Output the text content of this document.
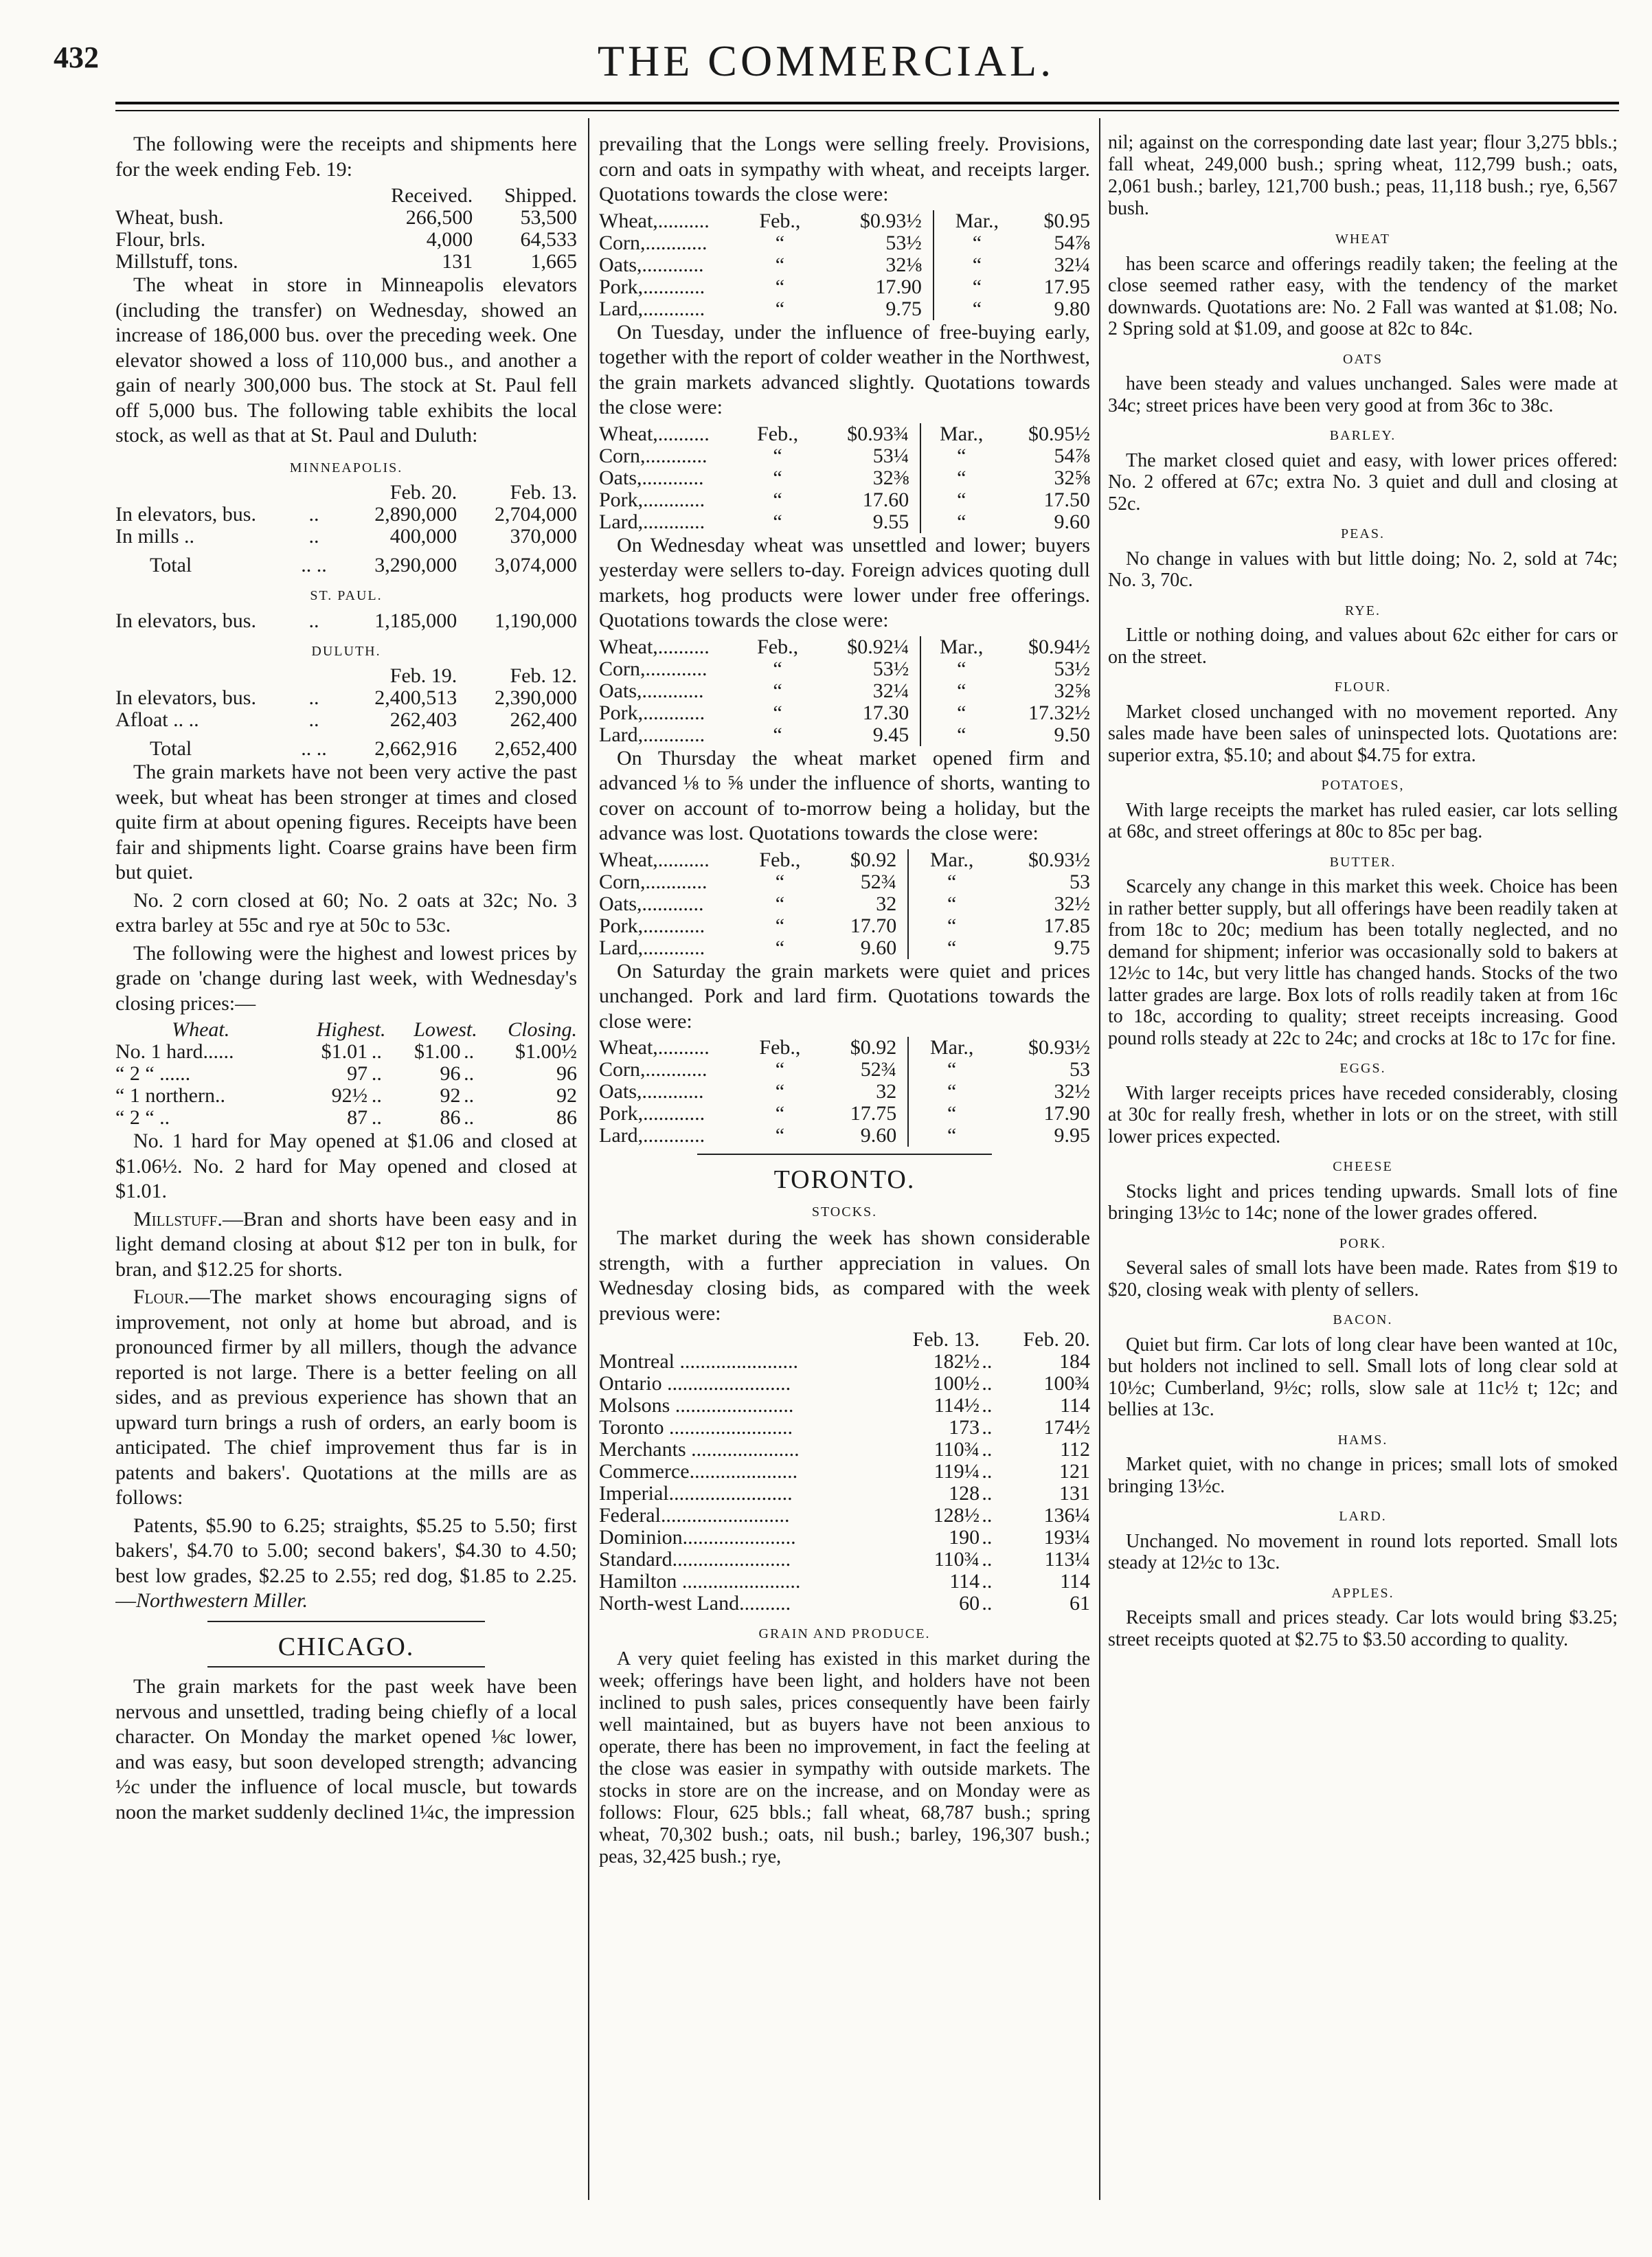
432	THE COMMERCIAL.

The following were the receipts and shipments here for the week ending Feb. 19:

	Received.	Shipped.
Wheat, bush.	266,500	53,500
Flour, brls.	4,000	64,533
Millstuff, tons.	131	1,665

The wheat in store in Minneapolis elevators (including the transfer) on Wednesday, showed an increase of 186,000 bus. over the preceding week. One elevator showed a loss of 110,000 bus., and another a gain of nearly 300,000 bus. The stock at St. Paul fell off 5,000 bus. The following table exhibits the local stock, as well as that at St. Paul and Duluth:

MINNEAPOLIS.
		Feb. 20.	Feb. 13.
In elevators, bus.	..	2,890,000	2,704,000
In mills ..	..	400,000	370,000
Total	.. ..	3,290,000	3,074,000
ST. PAUL.
In elevators, bus.	..	1,185,000	1,190,000
DULUTH.
		Feb. 19.	Feb. 12.
In elevators, bus.	..	2,400,513	2,390,000
Afloat .. ..	..	262,403	262,400
Total	.. ..	2,662,916	2,652,400

The grain markets have not been very active the past week, but wheat has been stronger at times and closed quite firm at about opening figures. Receipts have been fair and shipments light. Coarse grains have been firm but quiet.

No. 2 corn closed at 60; No. 2 oats at 32c; No. 3 extra barley at 55c and rye at 50c to 53c.

The following were the highest and lowest prices by grade on 'change during last week, with Wednesday's closing prices:—

Wheat.	Highest.		Lowest.		Closing.
No. 1 hard......	$1.01	..	$1.00	..	$1.00½
“ 2 “ ......	97	..	96	..	96
“ 1 northern..	92½	..	92	..	92
“ 2 “ ..	87	..	86	..	86

No. 1 hard for May opened at $1.06 and closed at $1.06½. No. 2 hard for May opened and closed at $1.01.

Millstuff.—Bran and shorts have been easy and in light demand closing at about $12 per ton in bulk, for bran, and $12.25 for shorts.

Flour.—The market shows encouraging signs of improvement, not only at home but abroad, and is pronounced firmer by all millers, though the advance reported is not large. There is a better feeling on all sides, and as previous experience has shown that an upward turn brings a rush of orders, an early boom is anticipated. The chief improvement thus far is in patents and bakers'. Quotations at the mills are as follows:

Patents, $5.90 to 6.25; straights, $5.25 to 5.50; first bakers', $4.70 to 5.00; second bakers', $4.30 to 4.50; best low grades, $2.25 to 2.55; red dog, $1.85 to 2.25.—Northwestern Miller.

CHICAGO.

The grain markets for the past week have been nervous and unsettled, trading being chiefly of a local character. On Monday the market opened ⅛c lower, and was easy, but soon developed strength; advancing ½c under the influence of local muscle, but towards noon the market suddenly declined 1¼c, the impression

prevailing that the Longs were selling freely. Provisions, corn and oats in sympathy with wheat, and receipts larger. Quotations towards the close were:

Wheat,..........	Feb.,	$0.93½	Mar.,	$0.95
Corn,............	“	53½	“	54⅞
Oats,............	“	32⅛	“	32¼
Pork,............	“	17.90	“	17.95
Lard,............	“	9.75	“	9.80

On Tuesday, under the influence of free-buying early, together with the report of colder weather in the Northwest, the grain markets advanced slightly. Quotations towards the close were:

Wheat,..........	Feb.,	$0.93¾	Mar.,	$0.95½
Corn,............	“	53¼	“	54⅞
Oats,............	“	32⅜	“	32⅝
Pork,............	“	17.60	“	17.50
Lard,............	“	9.55	“	9.60

On Wednesday wheat was unsettled and lower; buyers yesterday were sellers to-day. Foreign advices quoting dull markets, hog products were lower under free offerings. Quotations towards the close were:

Wheat,..........	Feb.,	$0.92¼	Mar.,	$0.94½
Corn,............	“	53½	“	53½
Oats,............	“	32¼	“	32⅝
Pork,............	“	17.30	“	17.32½
Lard,............	“	9.45	“	9.50

On Thursday the wheat market opened firm and advanced ⅛ to ⅝ under the influence of shorts, wanting to cover on account of to-morrow being a holiday, but the advance was lost. Quotations towards the close were:

Wheat,..........	Feb.,	$0.92	Mar.,	$0.93½
Corn,............	“	52¾	“	53
Oats,............	“	32	“	32½
Pork,............	“	17.70	“	17.85
Lard,............	“	9.60	“	9.75

On Saturday the grain markets were quiet and prices unchanged. Pork and lard firm. Quotations towards the close were:

Wheat,..........	Feb.,	$0.92	Mar.,	$0.93½
Corn,............	“	52¾	“	53
Oats,............	“	32	“	32½
Pork,............	“	17.75	“	17.90
Lard,............	“	9.60	“	9.95
TORONTO.
STOCKS.

The market during the week has shown considerable strength, with a further appreciation in values. On Wednesday closing bids, as compared with the week previous were:

	Feb. 13.		Feb. 20.
Montreal .......................	182½	..	184
Ontario ........................	100½	..	100¾
Molsons .......................	114½	..	114
Toronto ........................	173	..	174½
Merchants .....................	110¾	..	112
Commerce.....................	119¼	..	121
Imperial........................	128	..	131
Federal.........................	128½	..	136¼
Dominion......................	190	..	193¼
Standard.......................	110¾	..	113¼
Hamilton .......................	114	..	114
North-west Land..........	60	..	61
GRAIN AND PRODUCE.

A very quiet feeling has existed in this market during the week; offerings have been light, and holders have not been inclined to push sales, prices consequently have been fairly well maintained, but as buyers have not been anxious to operate, there has been no improvement, in fact the feeling at the close was easier in sympathy with outside markets. The stocks in store are on the increase, and on Monday were as follows: Flour, 625 bbls.; fall wheat, 68,787 bush.; spring wheat, 70,302 bush.; oats, nil bush.; barley, 196,307 bush.; peas, 32,425 bush.; rye,

nil; against on the corresponding date last year; flour 3,275 bbls.; fall wheat, 249,000 bush.; spring wheat, 112,799 bush.; oats, 2,061 bush.; barley, 121,700 bush.; peas, 11,118 bush.; rye, 6,567 bush.

WHEAT

has been scarce and offerings readily taken; the feeling at the close seemed rather easy, with the tendency of the market downwards. Quotations are: No. 2 Fall was wanted at $1.08; No. 2 Spring sold at $1.09, and goose at 82c to 84c.

OATS

have been steady and values unchanged. Sales were made at 34c; street prices have been very good at from 36c to 38c.

BARLEY.

The market closed quiet and easy, with lower prices offered: No. 2 offered at 67c; extra No. 3 quiet and dull and closing at 52c.

PEAS.

No change in values with but little doing; No. 2, sold at 74c; No. 3, 70c.

RYE.

Little or nothing doing, and values about 62c either for cars or on the street.

FLOUR.

Market closed unchanged with no movement reported. Any sales made have been sales of uninspected lots. Quotations are: superior extra, $5.10; and about $4.75 for extra.

POTATOES,

With large receipts the market has ruled easier, car lots selling at 68c, and street offerings at 80c to 85c per bag.

BUTTER.

Scarcely any change in this market this week. Choice has been in rather better supply, but all offerings have been readily taken at from 18c to 20c; medium has been totally neglected, and no demand for shipment; inferior was occasionally sold to bakers at 12½c to 14c, but very little has changed hands. Stocks of the two latter grades are large. Box lots of rolls readily taken at from 16c to 18c, according to quality; street receipts increasing. Good pound rolls steady at 22c to 24c; and crocks at 18c to 17c for fine.

EGGS.

With larger receipts prices have receded considerably, closing at 30c for really fresh, whether in lots or on the street, with still lower prices expected.

CHEESE

Stocks light and prices tending upwards. Small lots of fine bringing 13½c to 14c; none of the lower grades offered.

PORK.

Several sales of small lots have been made. Rates from $19 to $20, closing weak with plenty of sellers.

BACON.

Quiet but firm. Car lots of long clear have been wanted at 10c, but holders not inclined to sell. Small lots of long clear sold at 10½c; Cumberland, 9½c; rolls, slow sale at 11c½ t; 12c; and bellies at 13c.

HAMS.

Market quiet, with no change in prices; small lots of smoked bringing 13½c.

LARD.

Unchanged. No movement in round lots reported. Small lots steady at 12½c to 13c.

APPLES.

Receipts small and prices steady. Car lots would bring $3.25; street receipts quoted at $2.75 to $3.50 according to quality.
